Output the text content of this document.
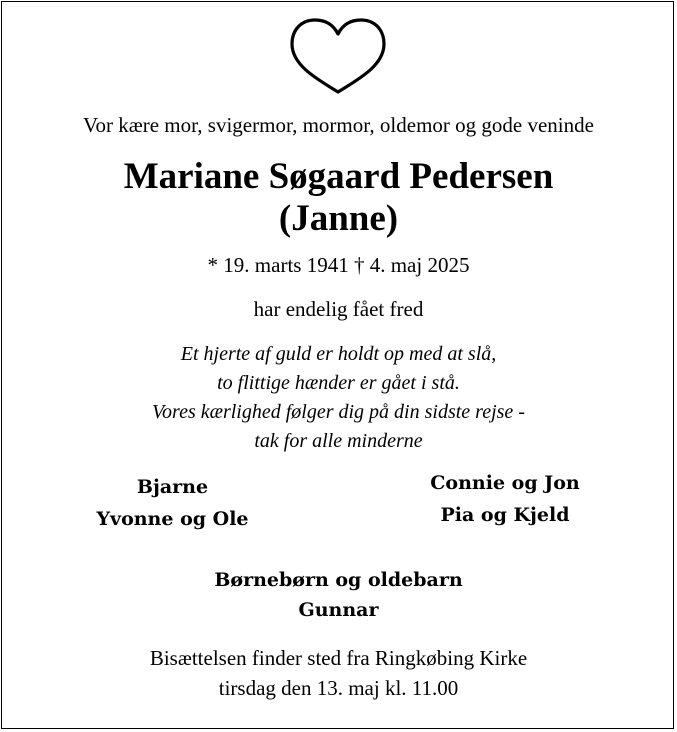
Vor kære mor, svigermor, mormor, oldemor og gode veninde
Mariane Søgaard Pedersen
(Janne)
* 19. marts 1941 † 4. maj 2025
har endelig fået fred
Et hjerte af guld er holdt op med at slå,
to flittige hænder er gået i stå.
Vores kærlighed følger dig på din sidste rejse -
tak for alle minderne
Bjarne
Yvonne og Ole
Connie og Jon
Pia og Kjeld
Børnebørn og oldebarn
Gunnar
Bisættelsen finder sted fra Ringkøbing Kirke
tirsdag den 13. maj kl. 11.00
